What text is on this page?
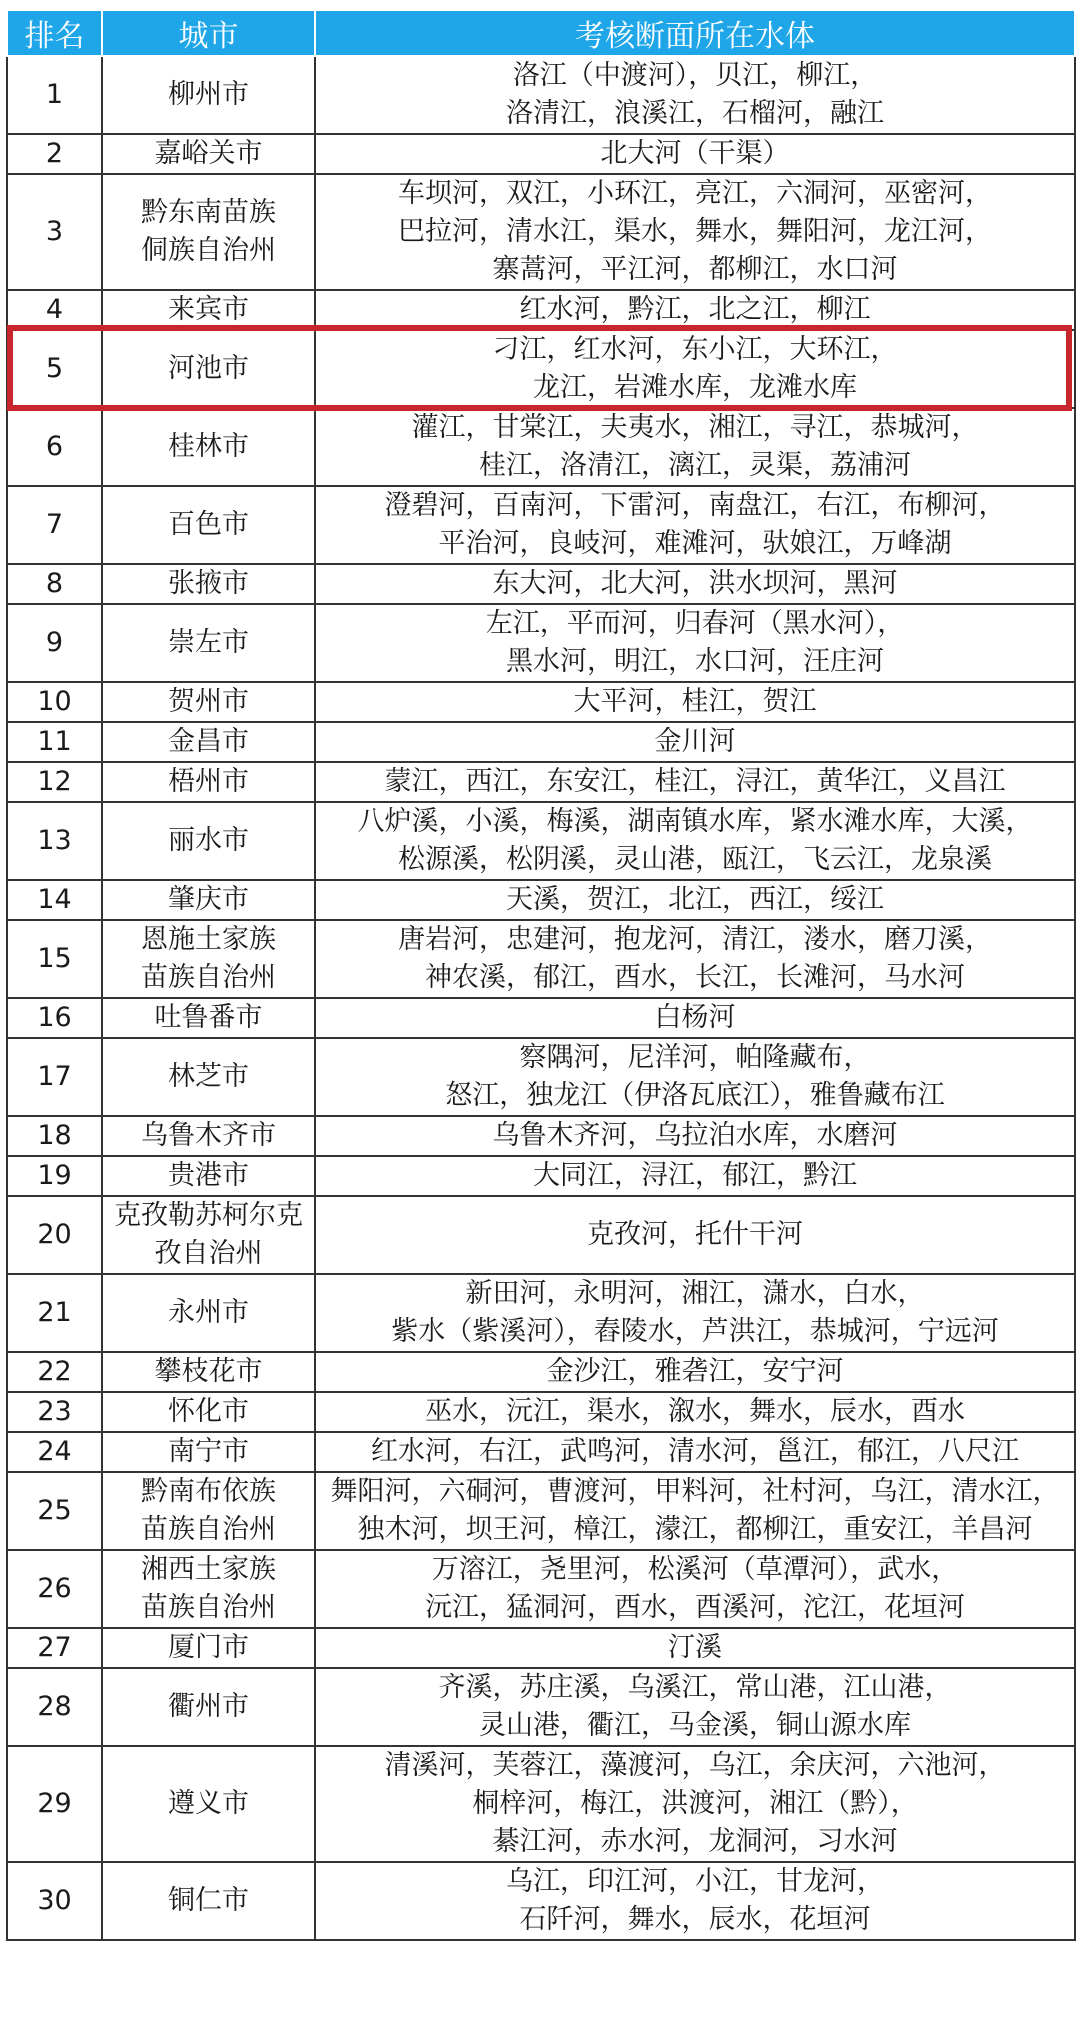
排名	城市	考核断面所在水体
1	柳州市	洛江（中渡河），贝江，柳江，
洛清江，浪溪江，石榴河，融江

2	嘉峪关市	北大河（干渠）

3	黔东南苗族
侗族自治州	车坝河，双江，小环江，亮江，六洞河，巫密河，
巴拉河，清水江，渠水，舞水，舞阳河，龙江河，
寨蒿河，平江河，都柳江，水口河

4	来宾市	红水河，黔江，北之江，柳江

5	河池市	刁江，红水河，东小江，大环江，
龙江，岩滩水库，龙滩水库

6	桂林市	灌江，甘棠江，夫夷水，湘江，寻江，恭城河，
桂江，洛清江，漓江，灵渠，荔浦河

7	百色市	澄碧河，百南河，下雷河，南盘江，右江，布柳河，
平治河，良岐河，难滩河，驮娘江，万峰湖

8	张掖市	东大河，北大河，洪水坝河，黑河

9	崇左市	左江，平而河，归春河（黑水河），
黑水河，明江，水口河，汪庄河

10	贺州市	大平河，桂江，贺江

11	金昌市	金川河

12	梧州市	蒙江，西江，东安江，桂江，浔江，黄华江，义昌江

13	丽水市	八炉溪，小溪，梅溪，湖南镇水库，紧水滩水库，大溪，
松源溪，松阴溪，灵山港，瓯江，飞云江，龙泉溪

14	肇庆市	天溪，贺江，北江，西江，绥江

15	恩施土家族
苗族自治州	唐岩河，忠建河，抱龙河，清江，溇水，磨刀溪，
神农溪，郁江，酉水，长江，长滩河，马水河

16	吐鲁番市	白杨河

17	林芝市	察隅河，尼洋河，帕隆藏布，
怒江，独龙江（伊洛瓦底江），雅鲁藏布江

18	乌鲁木齐市	乌鲁木齐河，乌拉泊水库，水磨河

19	贵港市	大同江，浔江，郁江，黔江

20	克孜勒苏柯尔克
孜自治州	克孜河，托什干河

21	永州市	新田河，永明河，湘江，潇水，白水，
紫水（紫溪河），舂陵水，芦洪江，恭城河，宁远河

22	攀枝花市	金沙江，雅砻江，安宁河

23	怀化市	巫水，沅江，渠水，溆水，舞水，辰水，酉水

24	南宁市	红水河，右江，武鸣河，清水河，邕江，郁江，八尺江

25	黔南布依族
苗族自治州	舞阳河，六硐河，曹渡河，甲料河，社村河，乌江，清水江，
独木河，坝王河，樟江，濛江，都柳江，重安江，羊昌河

26	湘西土家族
苗族自治州	万溶江，尧里河，松溪河（草潭河），武水，
沅江，猛洞河，酉水，酉溪河，沱江，花垣河

27	厦门市	汀溪

28	衢州市	齐溪，苏庄溪，乌溪江，常山港，江山港，
灵山港，衢江，马金溪，铜山源水库

29	遵义市	清溪河，芙蓉江，藻渡河，乌江，余庆河，六池河，
桐梓河，梅江，洪渡河，湘江（黔），
綦江河，赤水河，龙洞河，习水河

30	铜仁市	乌江，印江河，小江，甘龙河，
石阡河，舞水，辰水，花垣河
